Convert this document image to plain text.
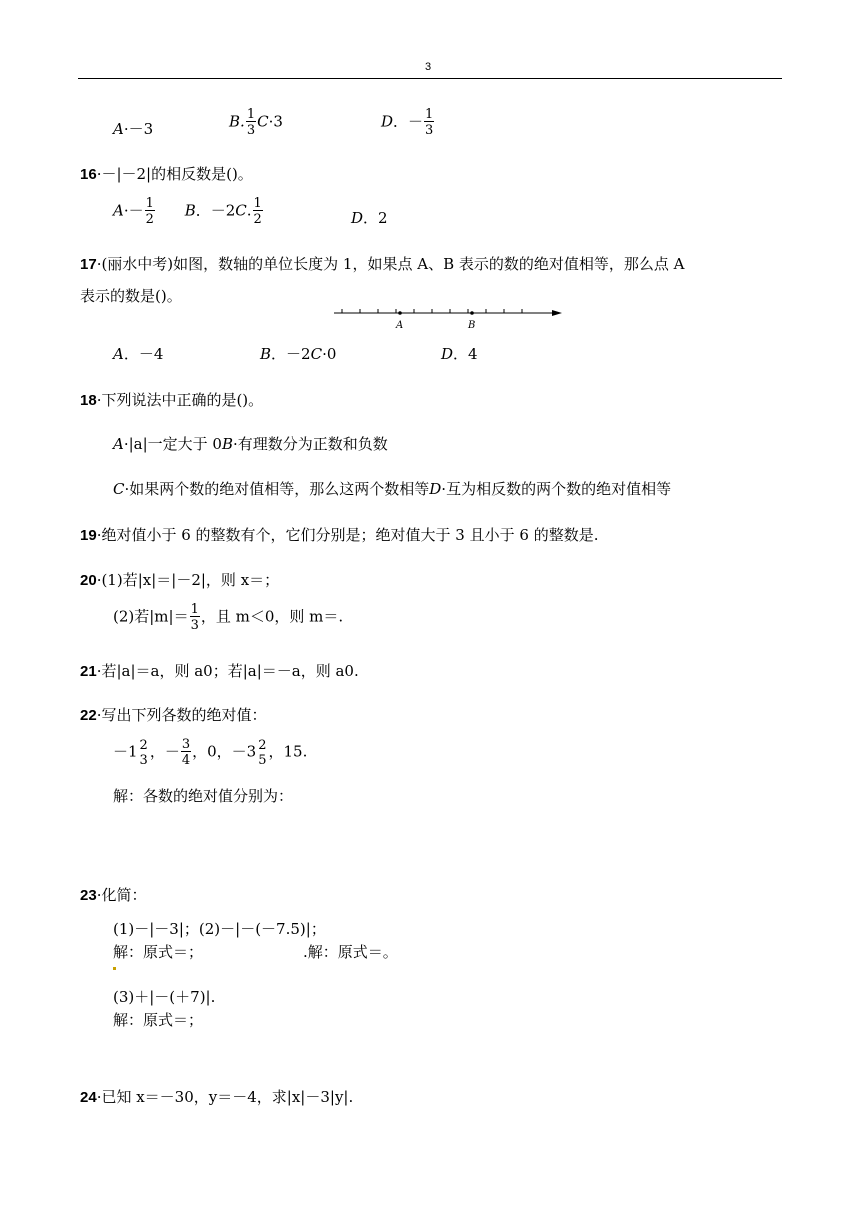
3
A·－3	B. $\frac{1}{3} C\cdot 3$	D．－ $\frac{1}{3}$
16·－|－2|的相反数是()。
$A\cdot- \frac{1}{2}$ B．－2C. $\frac{1}{2}$	D．2
17·(丽水中考)如图，数轴的单位长度为 1，如果点 A、B 表示的数的绝对值相等，那么点 A
表示的数是()。
A	B
A．－4	B．－2C·0	D．4
18·下列说法中正确的是()。
A·|a|一定大于 0B·有理数分为正数和负数
C·如果两个数的绝对值相等，那么这两个数相等D·互为相反数的两个数的绝对值相等
19·绝对值小于 6 的整数有个，它们分别是；绝对值大于 3 且小于 6 的整数是.
20·(1)若|x|＝|－2|，则 x＝；
(2)若$|m|= \frac{1}{3}$ ，且 m＜0，则 m＝.
21·若|a|＝a，则 a0；若|a|＝－a，则 a0.
22·写出下列各数的绝对值：
－1 2
3 ，－ $\frac{3}{4}$ ，0，－3 2
5 ，15.
解：各数的绝对值分别为：
23·化简：
(1)－|－3|；(2)－|－(－7.5)|；
解：原式＝；	.解：原式＝。
(3)＋|－(＋7)|.
解：原式＝；
24·已知 x＝－30，y＝－4，求|x|－3|y|.
